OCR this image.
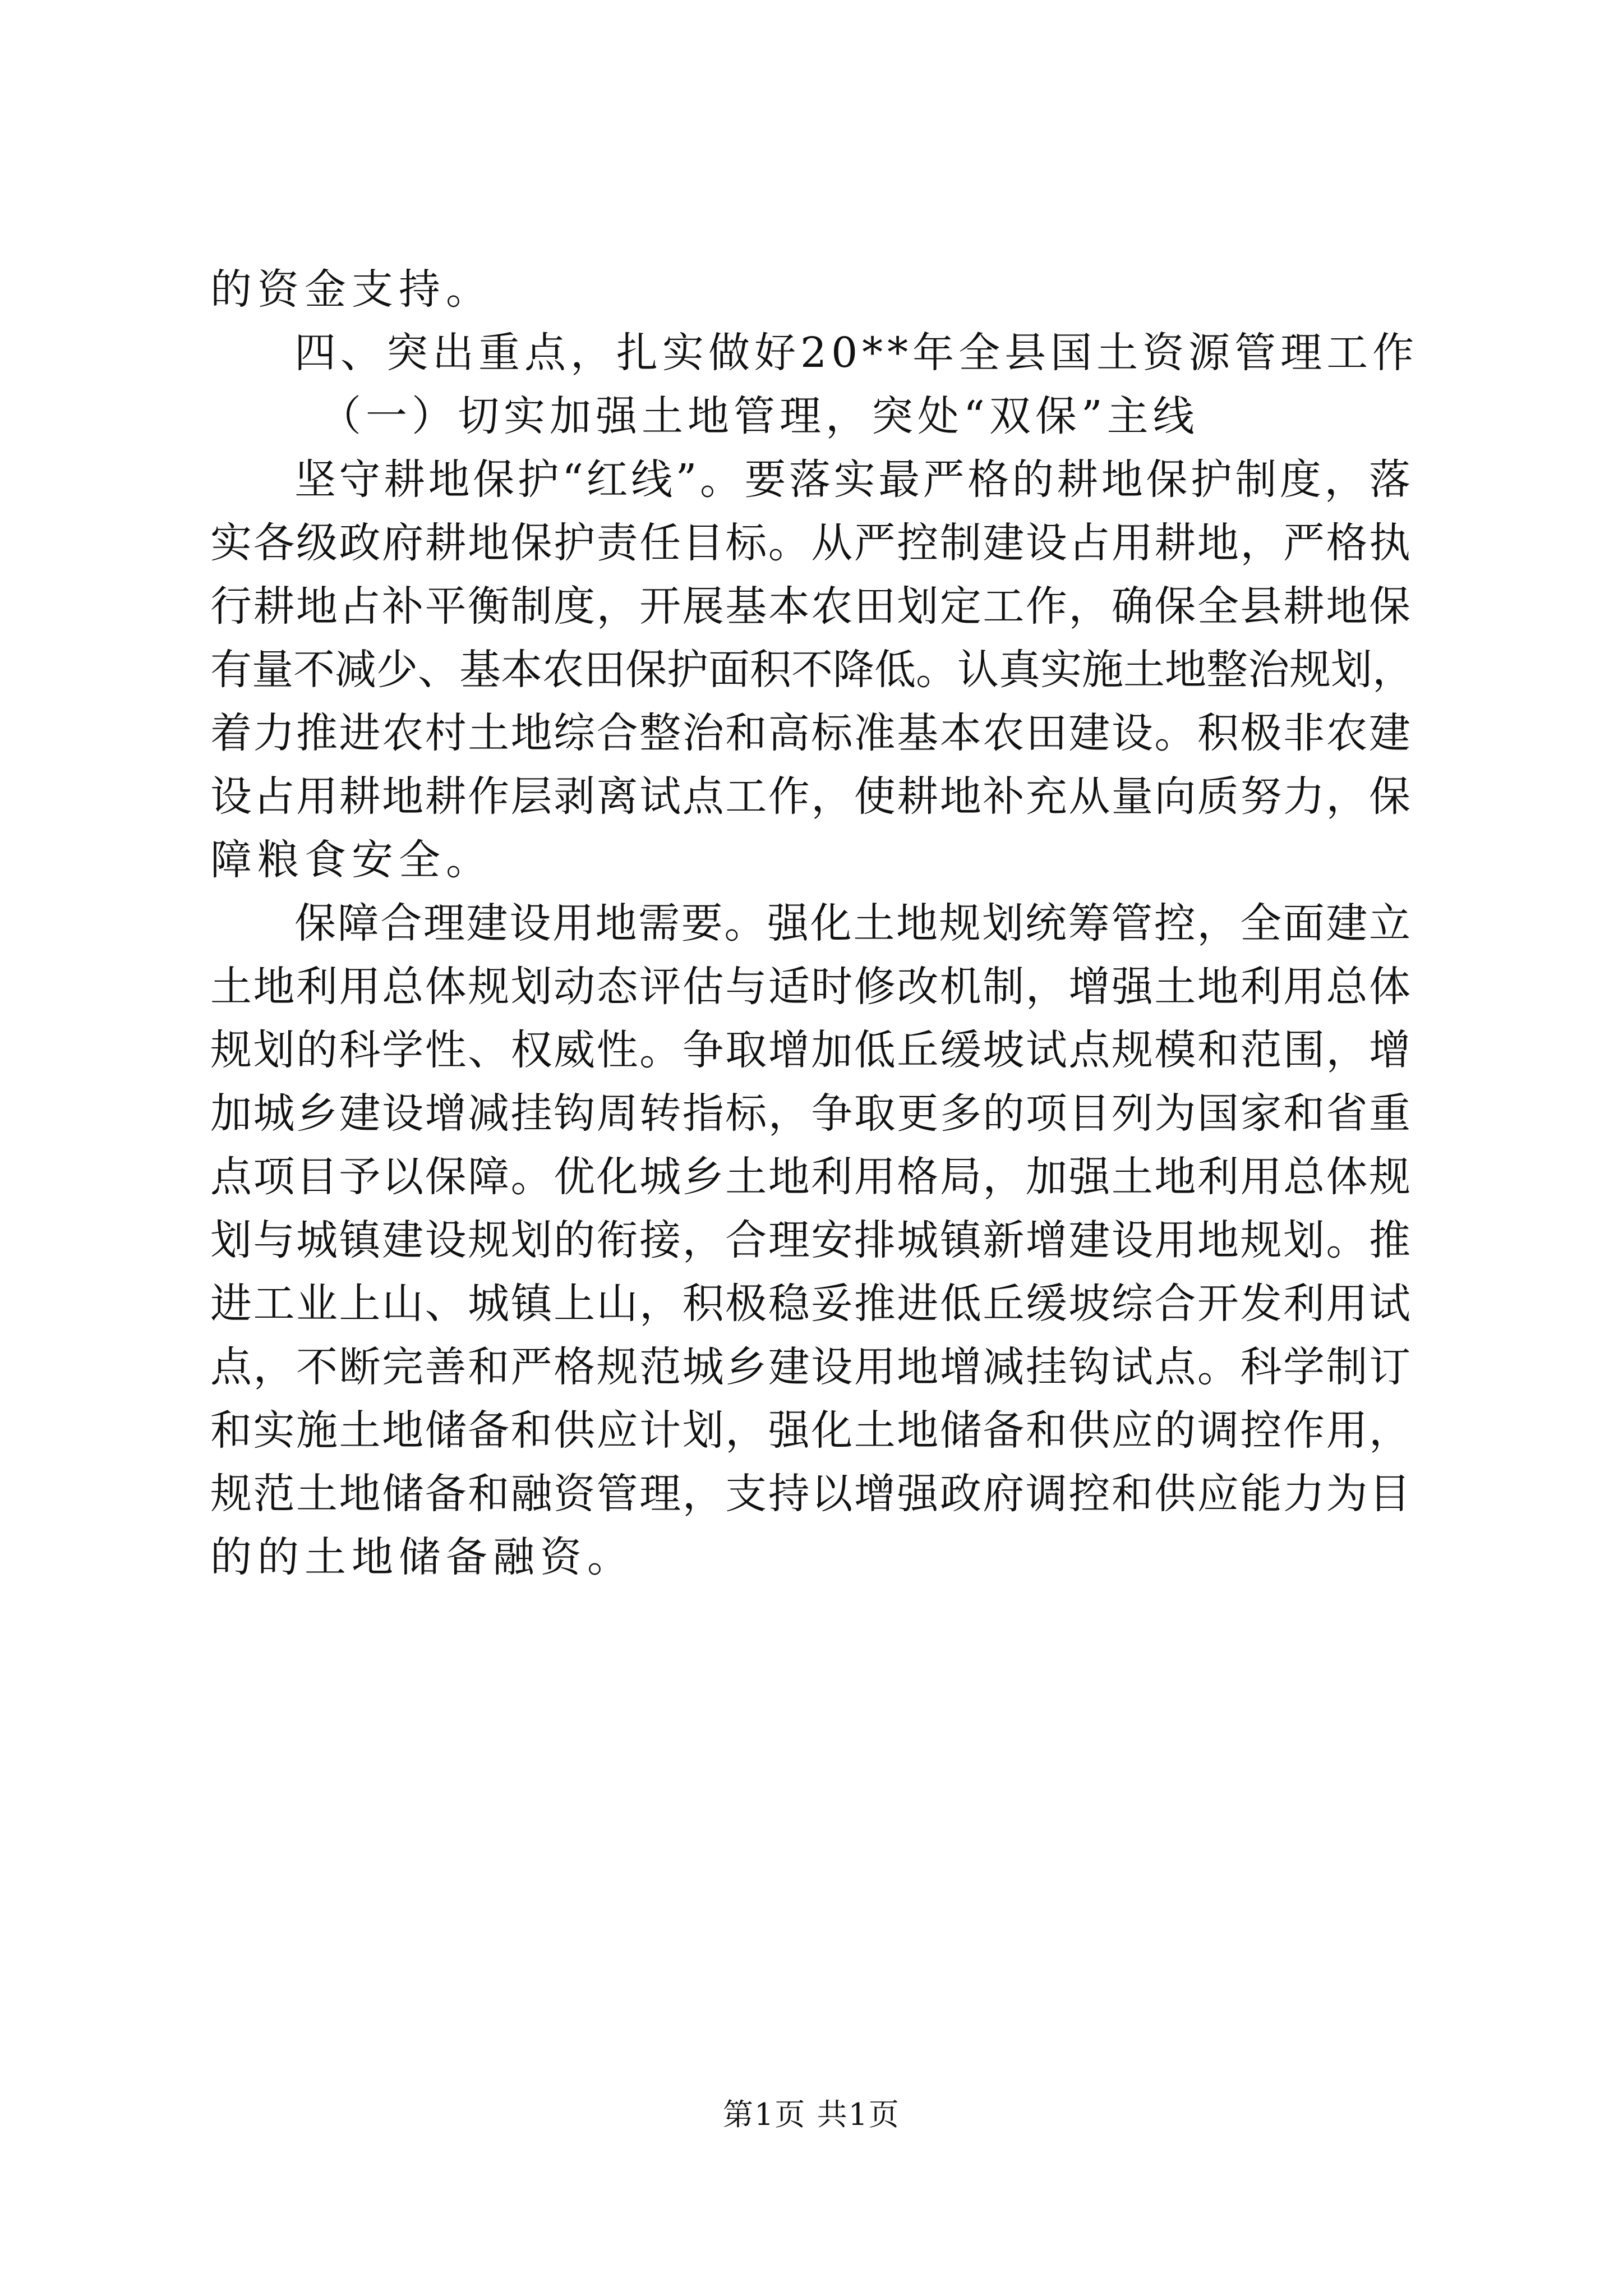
的资金支持。
四、突出重点，扎实做好20**年全县国土资源管理工作
（一）切实加强土地管理，突处“双保”主线
坚守耕地保护“红线”。要落实最严格的耕地保护制度，落
实各级政府耕地保护责任目标。从严控制建设占用耕地，严格执
行耕地占补平衡制度，开展基本农田划定工作，确保全县耕地保
有量不减少、基本农田保护面积不降低。认真实施土地整治规划，
着力推进农村土地综合整治和高标准基本农田建设。积极非农建
设占用耕地耕作层剥离试点工作，使耕地补充从量向质努力，保
障粮食安全。
保障合理建设用地需要。强化土地规划统筹管控，全面建立
土地利用总体规划动态评估与适时修改机制，增强土地利用总体
规划的科学性、权威性。争取增加低丘缓坡试点规模和范围，增
加城乡建设增减挂钩周转指标，争取更多的项目列为国家和省重
点项目予以保障。优化城乡土地利用格局，加强土地利用总体规
划与城镇建设规划的衔接，合理安排城镇新增建设用地规划。推
进工业上山、城镇上山，积极稳妥推进低丘缓坡综合开发利用试
点，不断完善和严格规范城乡建设用地增减挂钩试点。科学制订
和实施土地储备和供应计划，强化土地储备和供应的调控作用，
规范土地储备和融资管理，支持以增强政府调控和供应能力为目
的的土地储备融资。
第1页 共1页
